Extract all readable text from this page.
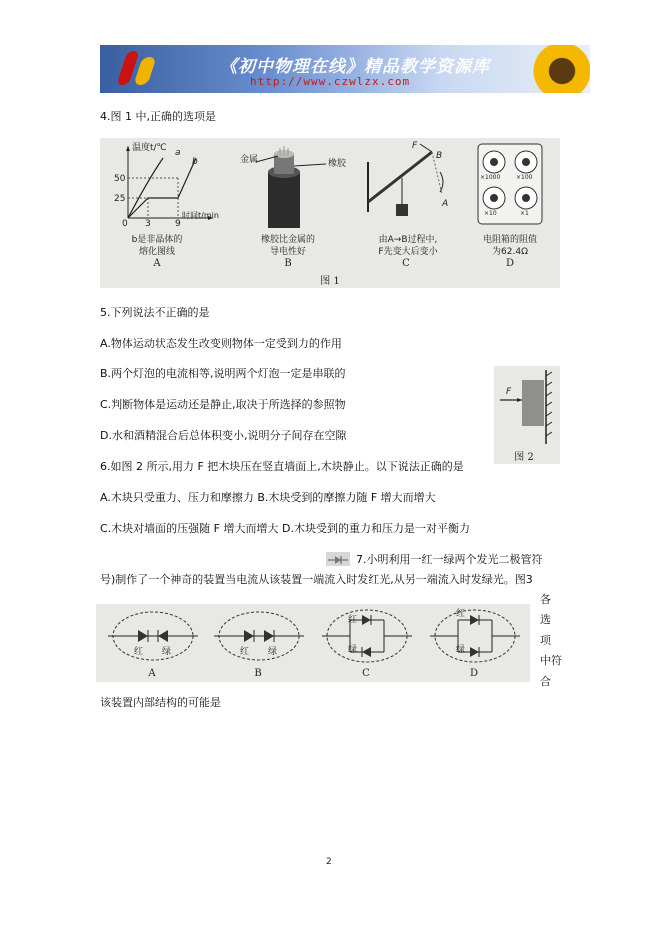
《初中物理在线》精品教学资源库
http://www.czwlzx.com
4.图 1 中,正确的选项是
温度t/℃ a
b
50
25
0 3	9
时间t/min
b是非晶体的
熔化图线
A
金属	橡胶
橡胶比金属的
导电性好
B
F
B
A
由A→B过程中,
F先变大后变小
C
×1000	×100
×10	×1
电阻箱的阻值
为62.4Ω
D
图 1
5.下列说法不正确的是
A.物体运动状态发生改变则物体一定受到力的作用
B.两个灯泡的电流相等,说明两个灯泡一定是串联的
C.判断物体是运动还是静止,取决于所选择的参照物
D.水和酒精混合后总体积变小,说明分子间存在空隙
F
图 2
6.如图 2 所示,用力 F 把木块压在竖直墙面上,木块静止。以下说法正确的是
A.木块只受重力、压力和摩擦力 B.木块受到的摩擦力随 F 增大而增大
C.木块对墙面的压强随 F 增大而增大 D.木块受到的重力和压力是一对平衡力
7.小明利用一红一绿两个发光二极管符
号)制作了一个神奇的装置当电流从该装置一端流入时发红光,从另一端流入时发绿光。图3
各
选
项
中符
合
该装置内部结构的可能是
红 绿
A
红 绿
B
红
绿
C
红
绿
D
2
